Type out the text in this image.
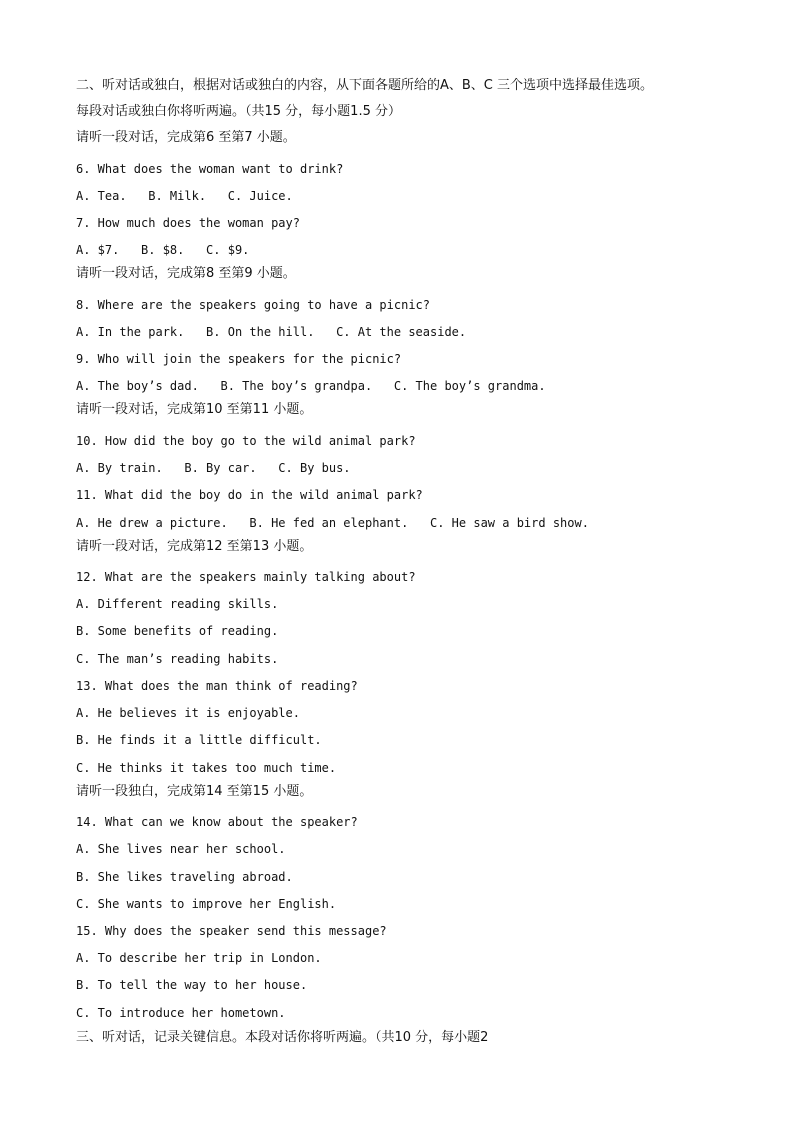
二、听对话或独白，根据对话或独白的内容，从下面各题所给的A、B、C 三个选项中选择最佳选项。
每段对话或独白你将听两遍。（共15 分，每小题1.5 分）
请听一段对话，完成第6 至第7 小题。
6. What does the woman want to drink?
A. Tea.   B. Milk.   C. Juice.
7. How much does the woman pay?
A. $7.   B. $8.   C. $9.
请听一段对话，完成第8 至第9 小题。
8. Where are the speakers going to have a picnic?
A. In the park.   B. On the hill.   C. At the seaside.
9. Who will join the speakers for the picnic?
A. The boy’s dad.   B. The boy’s grandpa.   C. The boy’s grandma.
请听一段对话，完成第10 至第11 小题。
10. How did the boy go to the wild animal park?
A. By train.   B. By car.   C. By bus.
11. What did the boy do in the wild animal park?
A. He drew a picture.   B. He fed an elephant.   C. He saw a bird show.
请听一段对话，完成第12 至第13 小题。
12. What are the speakers mainly talking about?
A. Different reading skills.
B. Some benefits of reading.
C. The man’s reading habits.
13. What does the man think of reading?
A. He believes it is enjoyable.
B. He finds it a little difficult.
C. He thinks it takes too much time.
请听一段独白，完成第14 至第15 小题。
14. What can we know about the speaker?
A. She lives near her school.
B. She likes traveling abroad.
C. She wants to improve her English.
15. Why does the speaker send this message?
A. To describe her trip in London.
B. To tell the way to her house.
C. To introduce her hometown.
三、听对话，记录关键信息。本段对话你将听两遍。（共10 分，每小题2
